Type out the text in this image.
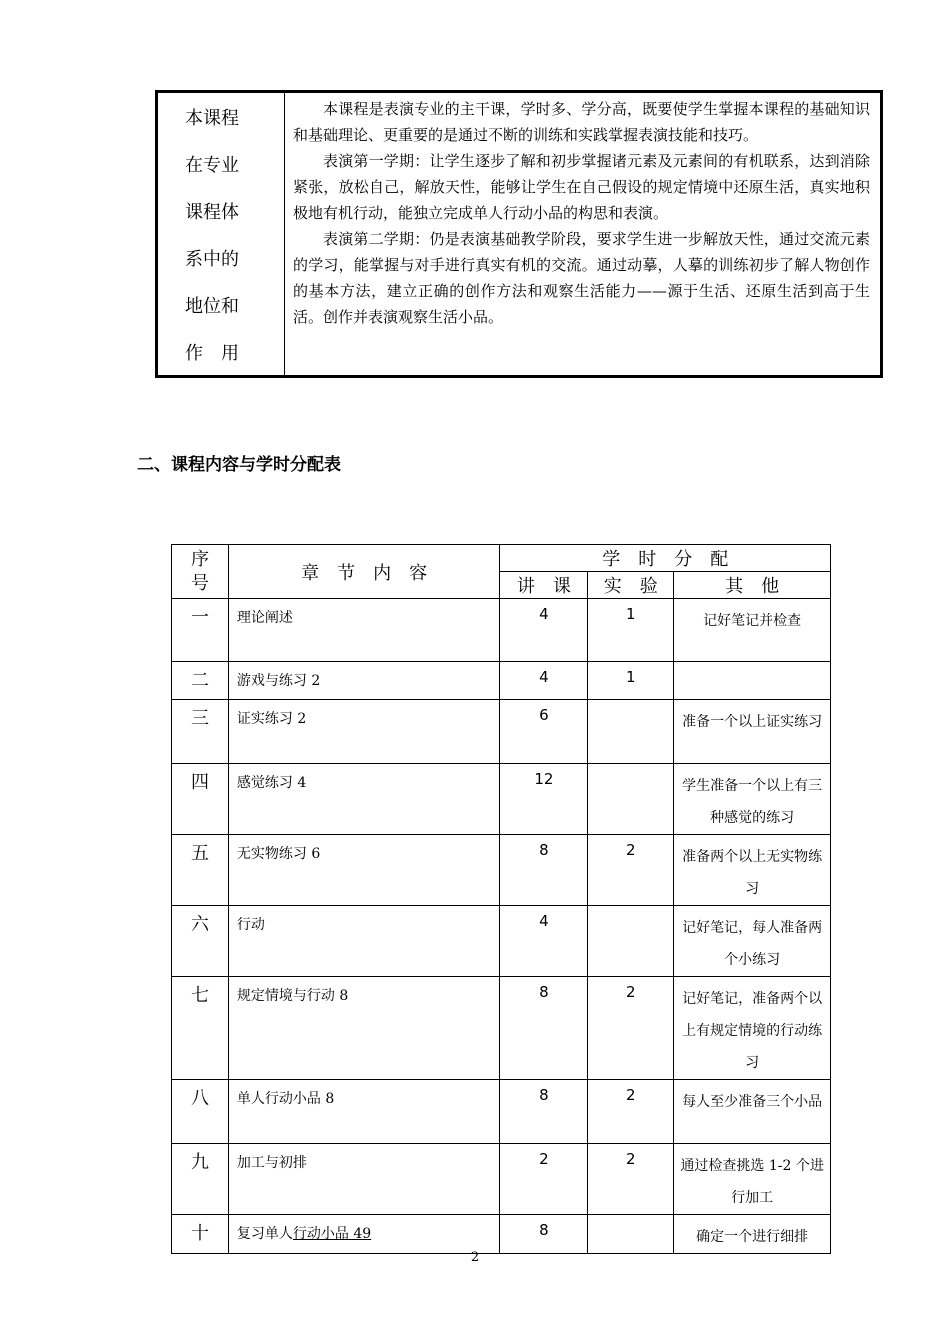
本课程
在专业
课程体
系中的
地位和
作　用

本课程是表演专业的主干课，学时多、学分高，既要使学生掌握本课程的基础知识和基础理论、更重要的是通过不断的训练和实践掌握表演技能和技巧。

表演第一学期：让学生逐步了解和初步掌握诸元素及元素间的有机联系，达到消除紧张，放松自己，解放天性，能够让学生在自己假设的规定情境中还原生活，真实地积极地有机行动，能独立完成单人行动小品的构思和表演。

表演第二学期：仍是表演基础教学阶段，要求学生进一步解放天性，通过交流元素的学习，能掌握与对手进行真实有机的交流。通过动摹，人摹的训练初步了解人物创作的基本方法，建立正确的创作方法和观察生活能力——源于生活、还原生活到高于生活。创作并表演观察生活小品。

二、课程内容与学时分配表
序号	章　节　内　容	学　时　分　配		
		讲　课	实　验	其　他
一	理论阐述	4	1	记好笔记并检查
二	游戏与练习 2	4	1	
三	证实练习 2	6		准备一个以上证实练习
四	感觉练习 4	12		学生准备一个以上有三种感觉的练习
五	无实物练习 6	8	2	准备两个以上无实物练习
六	行动	4		记好笔记，每人准备两个小练习
七	规定情境与行动 8	8	2	记好笔记，准备两个以上有规定情境的行动练习
八	单人行动小品 8	8	2	每人至少准备三个小品
九	加工与初排	2	2	通过检查挑选 1-2 个进行加工
十	复习单人行动小品 49	8		确定一个进行细排
2
